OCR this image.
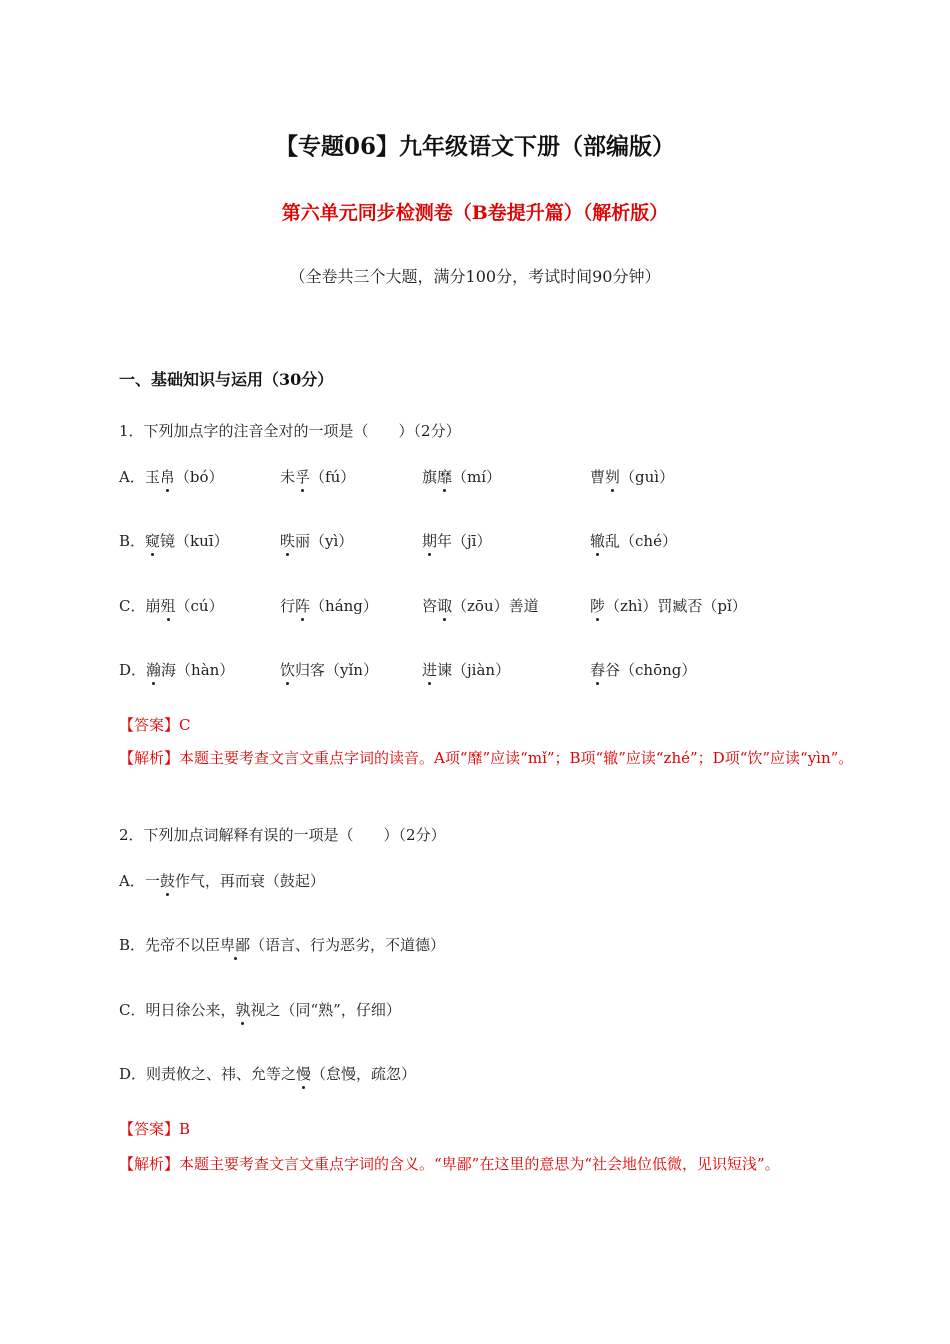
【专题06】九年级语文下册（部编版）
第六单元同步检测卷（B卷提升篇）（解析版）
（全卷共三个大题，满分100分，考试时间90分钟）
一、基础知识与运用（30分）
1．下列加点字的注音全对的一项是（　　）（2分）
A．玉帛（bó）	未孚（fú）	旗靡（mí）	曹刿（guì）
B．窥镜（kuī）	昳丽（yì）	期年（jī）	辙乱（ché）
C．崩殂（cú）	行阵（háng）	咨诹（zōu）善道	陟（zhì）罚臧否（pǐ）
D．瀚海（hàn）	饮归客（yǐn）	进谏（jiàn）	舂谷（chōng）
【答案】C
【解析】本题主要考查文言文重点字词的读音。A项“靡”应读“mǐ”；B项“辙”应读“zhé”；D项“饮”应读“yìn”。
2．下列加点词解释有误的一项是（　　）（2分）
A．一鼓作气，再而衰（鼓起）
B．先帝不以臣卑鄙（语言、行为恶劣，不道德）
C．明日徐公来，孰视之（同“熟”，仔细）
D．则责攸之、祎、允等之慢（怠慢，疏忽）
【答案】B
【解析】本题主要考查文言文重点字词的含义。“卑鄙”在这里的意思为“社会地位低微，见识短浅”。
